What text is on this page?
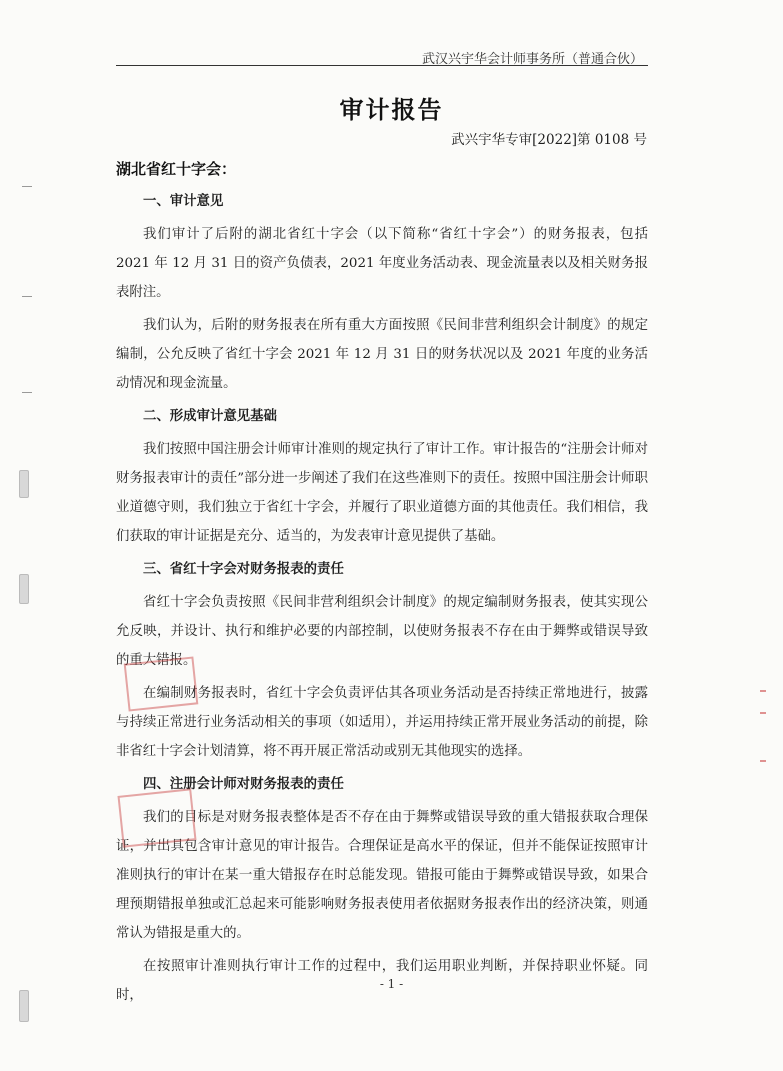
武汉兴宇华会计师事务所（普通合伙）
审计报告
武兴宇华专审[2022]第 0108 号
湖北省红十字会：
一、审计意见

我们审计了后附的湖北省红十字会（以下简称“省红十字会”）的财务报表，包括 2021 年 12 月 31 日的资产负债表，2021 年度业务活动表、现金流量表以及相关财务报表附注。

我们认为，后附的财务报表在所有重大方面按照《民间非营利组织会计制度》的规定编制，公允反映了省红十字会 2021 年 12 月 31 日的财务状况以及 2021 年度的业务活动情况和现金流量。

二、形成审计意见基础

我们按照中国注册会计师审计准则的规定执行了审计工作。审计报告的“注册会计师对财务报表审计的责任”部分进一步阐述了我们在这些准则下的责任。按照中国注册会计师职业道德守则，我们独立于省红十字会，并履行了职业道德方面的其他责任。我们相信，我们获取的审计证据是充分、适当的，为发表审计意见提供了基础。

三、省红十字会对财务报表的责任

省红十字会负责按照《民间非营利组织会计制度》的规定编制财务报表，使其实现公允反映，并设计、执行和维护必要的内部控制，以使财务报表不存在由于舞弊或错误导致的重大错报。

在编制财务报表时，省红十字会负责评估其各项业务活动是否持续正常地进行，披露与持续正常进行业务活动相关的事项（如适用），并运用持续正常开展业务活动的前提，除非省红十字会计划清算，将不再开展正常活动或别无其他现实的选择。

四、注册会计师对财务报表的责任

我们的目标是对财务报表整体是否不存在由于舞弊或错误导致的重大错报获取合理保证，并出具包含审计意见的审计报告。合理保证是高水平的保证，但并不能保证按照审计准则执行的审计在某一重大错报存在时总能发现。错报可能由于舞弊或错误导致，如果合理预期错报单独或汇总起来可能影响财务报表使用者依据财务报表作出的经济决策，则通常认为错报是重大的。

在按照审计准则执行审计工作的过程中，我们运用职业判断，并保持职业怀疑。同时，

- 1 -
